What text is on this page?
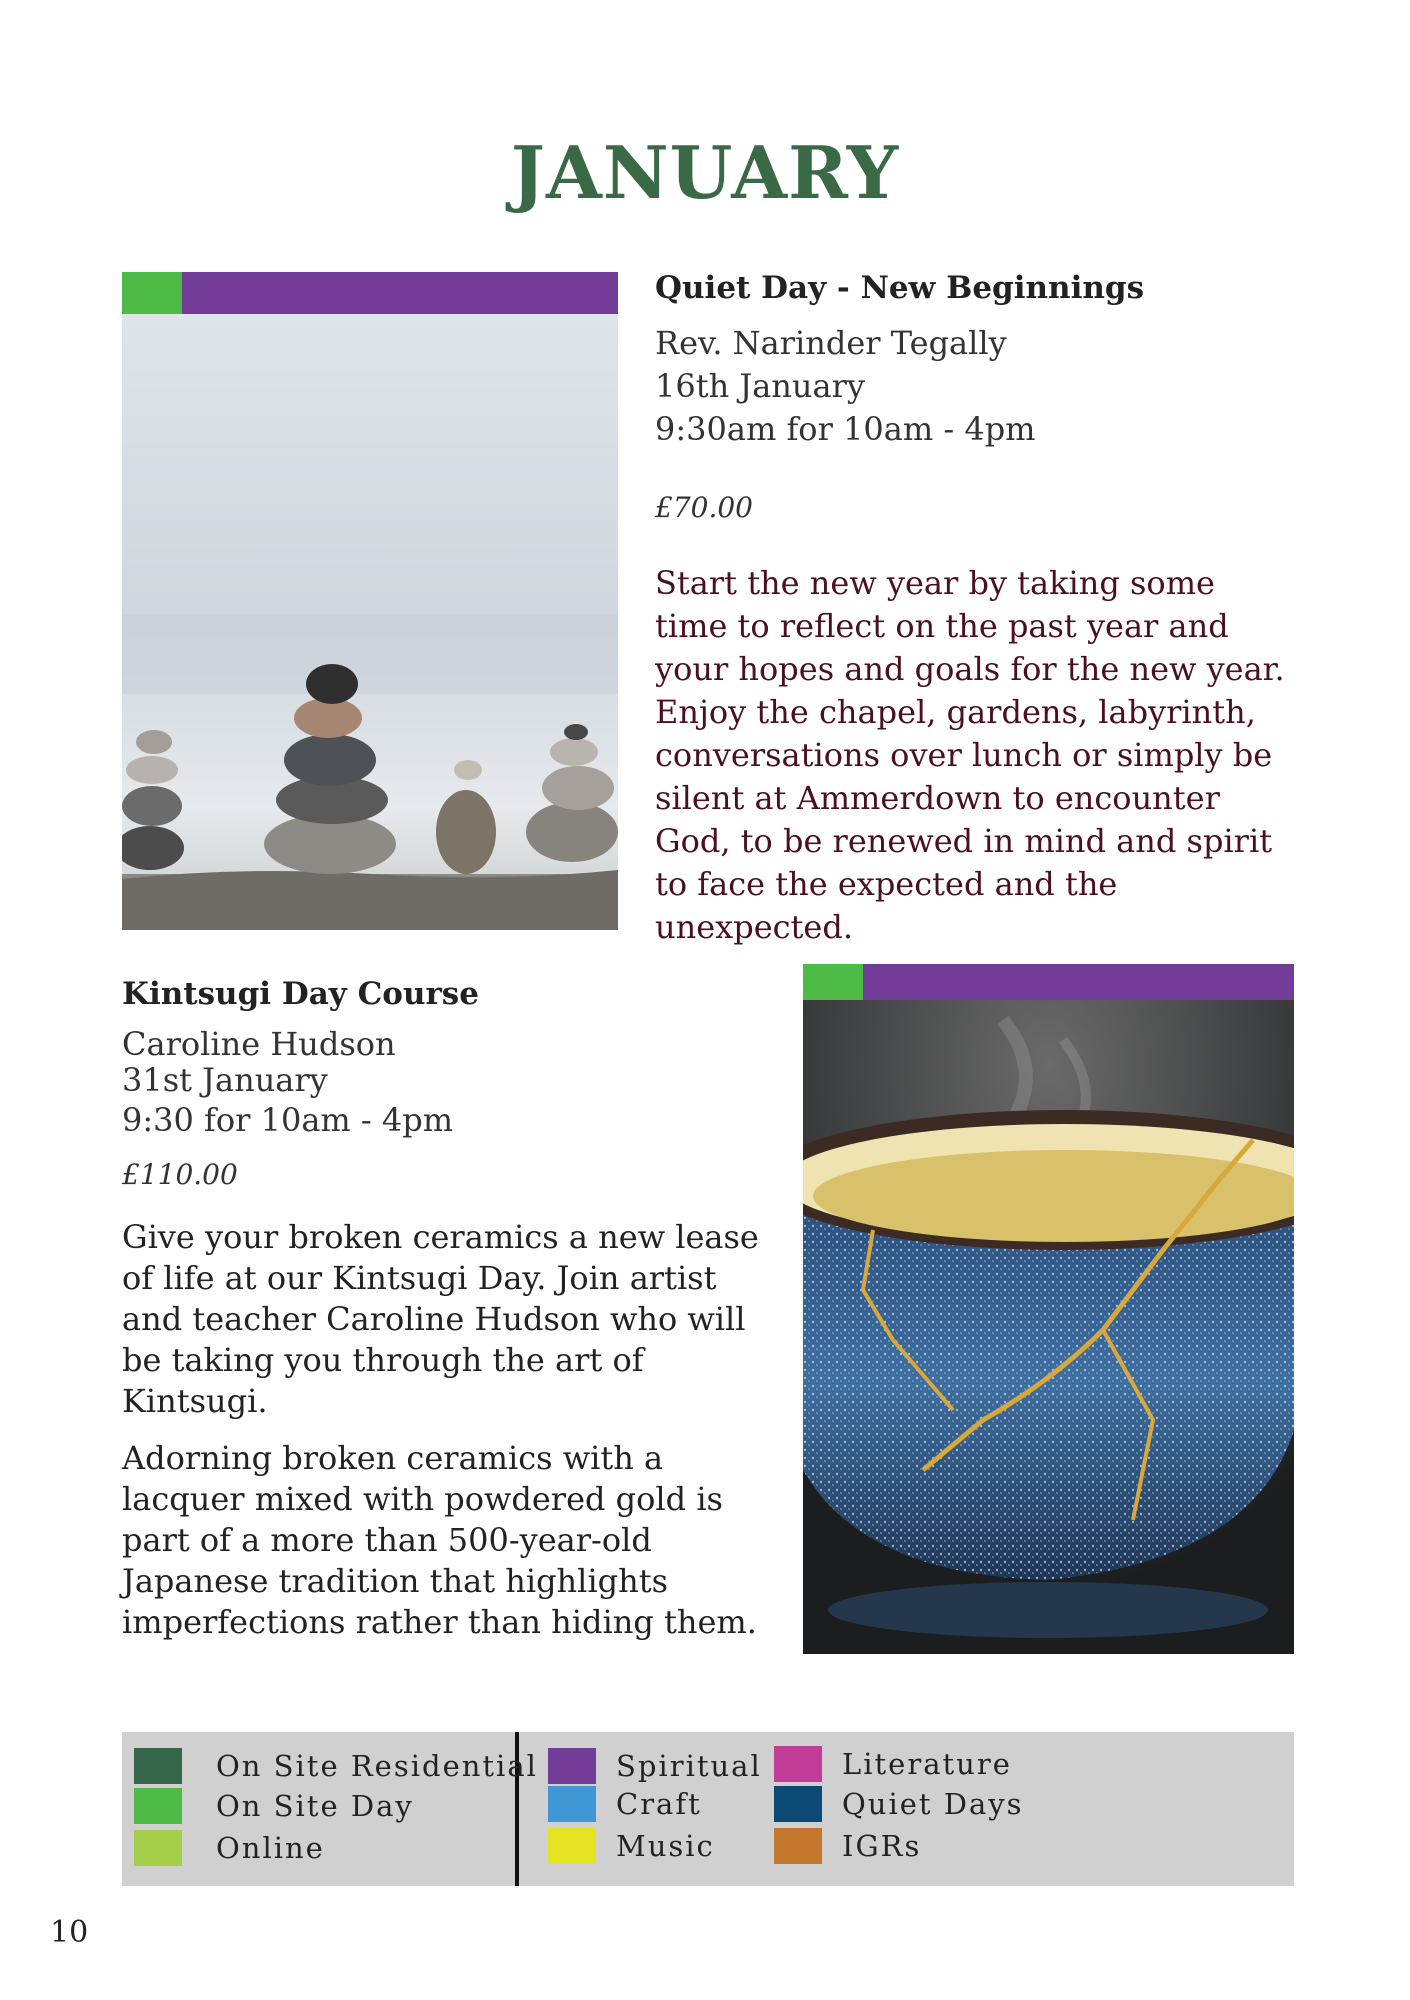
JANUARY

Quiet Day - New Beginnings

Rev. Narinder Tegally

16th January

9:30am for 10am - 4pm

£70.00

Start the new year by taking some time to reflect on the past year and your hopes and goals for the new year. Enjoy the chapel, gardens, labyrinth, conversations over lunch or simply be silent at Ammerdown to encounter God, to be renewed in mind and spirit to face the expected and the unexpected.

Kintsugi Day Course

Caroline Hudson

31st January

9:30 for 10am - 4pm

£110.00

Give your broken ceramics a new lease of life at our Kintsugi Day. Join artist and teacher Caroline Hudson who will be taking you through the art of Kintsugi.

Adorning broken ceramics with a lacquer mixed with powdered gold is part of a more than 500-year-old Japanese tradition that highlights imperfections rather than hiding them.

On Site Residential
On Site Day
Online
Spiritual
Craft
Music
Literature
Quiet Days
IGRs
10
